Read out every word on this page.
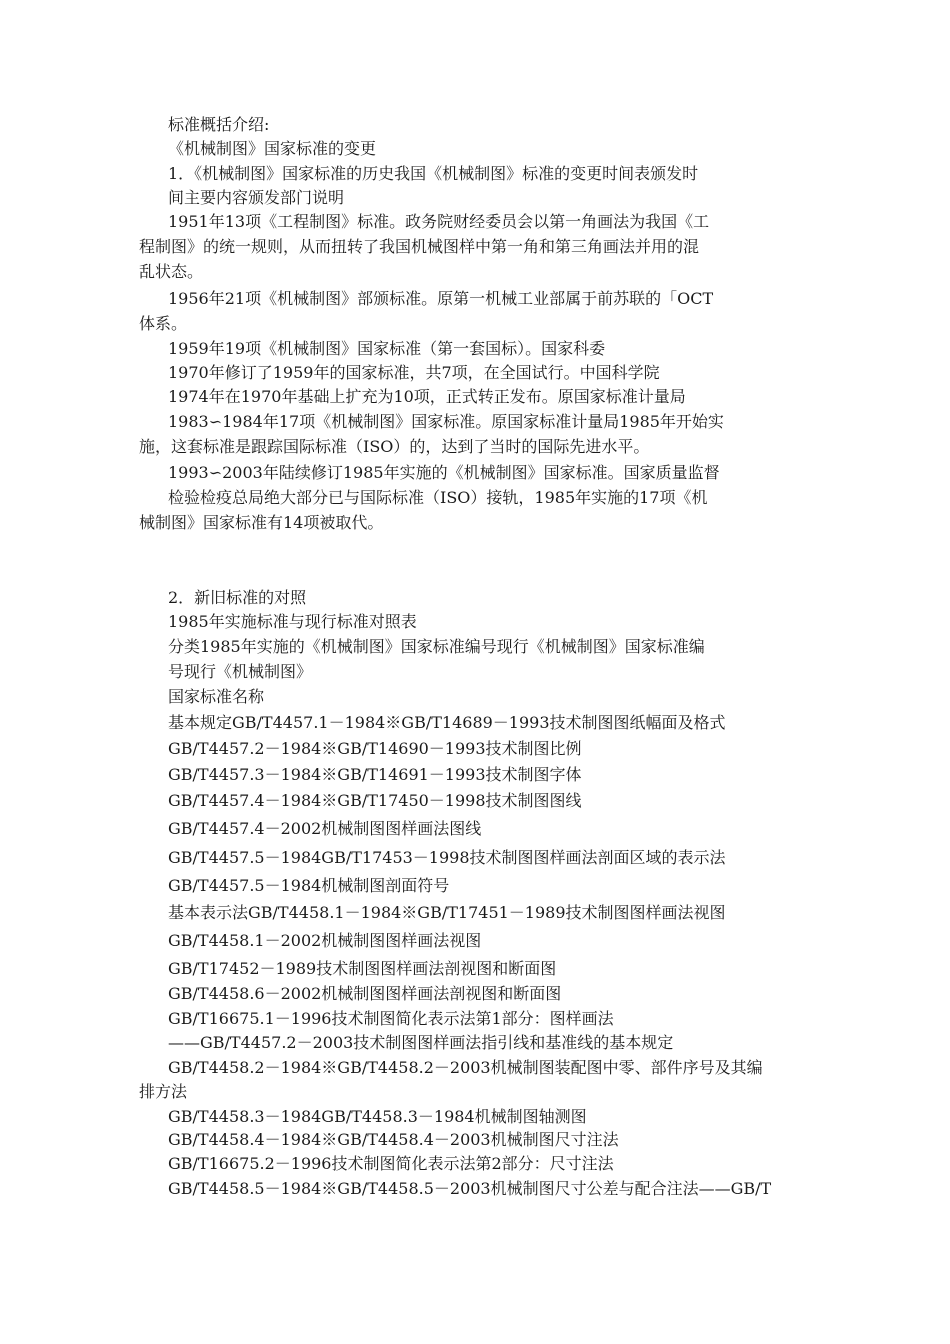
标准概括介绍:
《机械制图》国家标准的变更
1．《机械制图》国家标准的历史我国《机械制图》标准的变更时间表颁发时
间主要内容颁发部门说明
1951年13项《工程制图》标准。政务院财经委员会以第一角画法为我国《工
程制图》的统一规则，从而扭转了我国机械图样中第一角和第三角画法并用的混
乱状态。
1956年21项《机械制图》部颁标准。原第一机械工业部属于前苏联的「OCT
体系。
1959年19项《机械制图》国家标准（第一套国标）。国家科委
1970年修订了1959年的国家标准，共7项，在全国试行。中国科学院
1974年在1970年基础上扩充为10项，正式转正发布。原国家标准计量局
1983∽1984年17项《机械制图》国家标准。原国家标准计量局1985年开始实
施，这套标准是跟踪国际标准（ISO）的，达到了当时的国际先进水平。
1993∽2003年陆续修订1985年实施的《机械制图》国家标准。国家质量监督
检验检疫总局绝大部分已与国际标准（ISO）接轨，1985年实施的17项《机
械制图》国家标准有14项被取代。
2．新旧标准的对照
1985年实施标准与现行标准对照表
分类1985年实施的《机械制图》国家标准编号现行《机械制图》国家标准编
号现行《机械制图》
国家标准名称
基本规定GB/T4457.1－1984※GB/T14689－1993技术制图图纸幅面及格式
GB/T4457.2－1984※GB/T14690－1993技术制图比例
GB/T4457.3－1984※GB/T14691－1993技术制图字体
GB/T4457.4－1984※GB/T17450－1998技术制图图线
GB/T4457.4－2002机械制图图样画法图线
GB/T4457.5－1984GB/T17453－1998技术制图图样画法剖面区域的表示法
GB/T4457.5－1984机械制图剖面符号
基本表示法GB/T4458.1－1984※GB/T17451－1989技术制图图样画法视图
GB/T4458.1－2002机械制图图样画法视图
GB/T17452－1989技术制图图样画法剖视图和断面图
GB/T4458.6－2002机械制图图样画法剖视图和断面图
GB/T16675.1－1996技术制图简化表示法第1部分：图样画法
——GB/T4457.2－2003技术制图图样画法指引线和基准线的基本规定
GB/T4458.2－1984※GB/T4458.2－2003机械制图装配图中零、部件序号及其编
排方法
GB/T4458.3－1984GB/T4458.3－1984机械制图轴测图
GB/T4458.4－1984※GB/T4458.4－2003机械制图尺寸注法
GB/T16675.2－1996技术制图简化表示法第2部分：尺寸注法
GB/T4458.5－1984※GB/T4458.5－2003机械制图尺寸公差与配合注法——GB/T
